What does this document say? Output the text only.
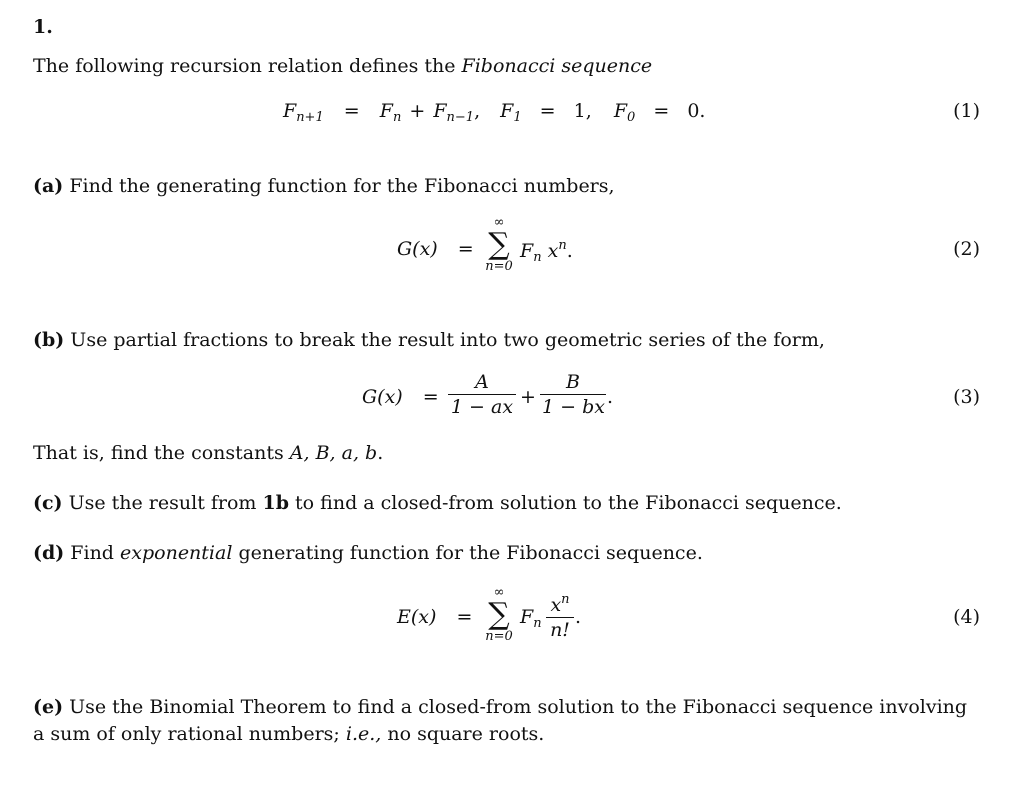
1.
The following recursion relation defines the Fibonacci sequence
$F_{n+1} = F_n + F_{n-1}$, $F_1 = 1$, $F_0 = 0$.	(1)
(a) Find the generating function for the Fibonacci numbers,
G(x) =
∞
∑
n=0
$F_n$ $x^n$.	(2)
(b) Use partial fractions to break the result into two geometric series of the form,
G(x) =
A
1 − ax +
B
1 − bx .	(3)
That is, find the constants A, B, a, b.
(c) Use the result from 1b to find a closed-from solution to the Fibonacci sequence.
(d) Find exponential generating function for the Fibonacci sequence.
E(x) =
∞
∑
n=0
$F_n$
$x^n$
n!
.	(4)
(e) Use the Binomial Theorem to find a closed-from solution to the Fibonacci sequence involving a sum of only rational numbers; i.e., no square roots.
